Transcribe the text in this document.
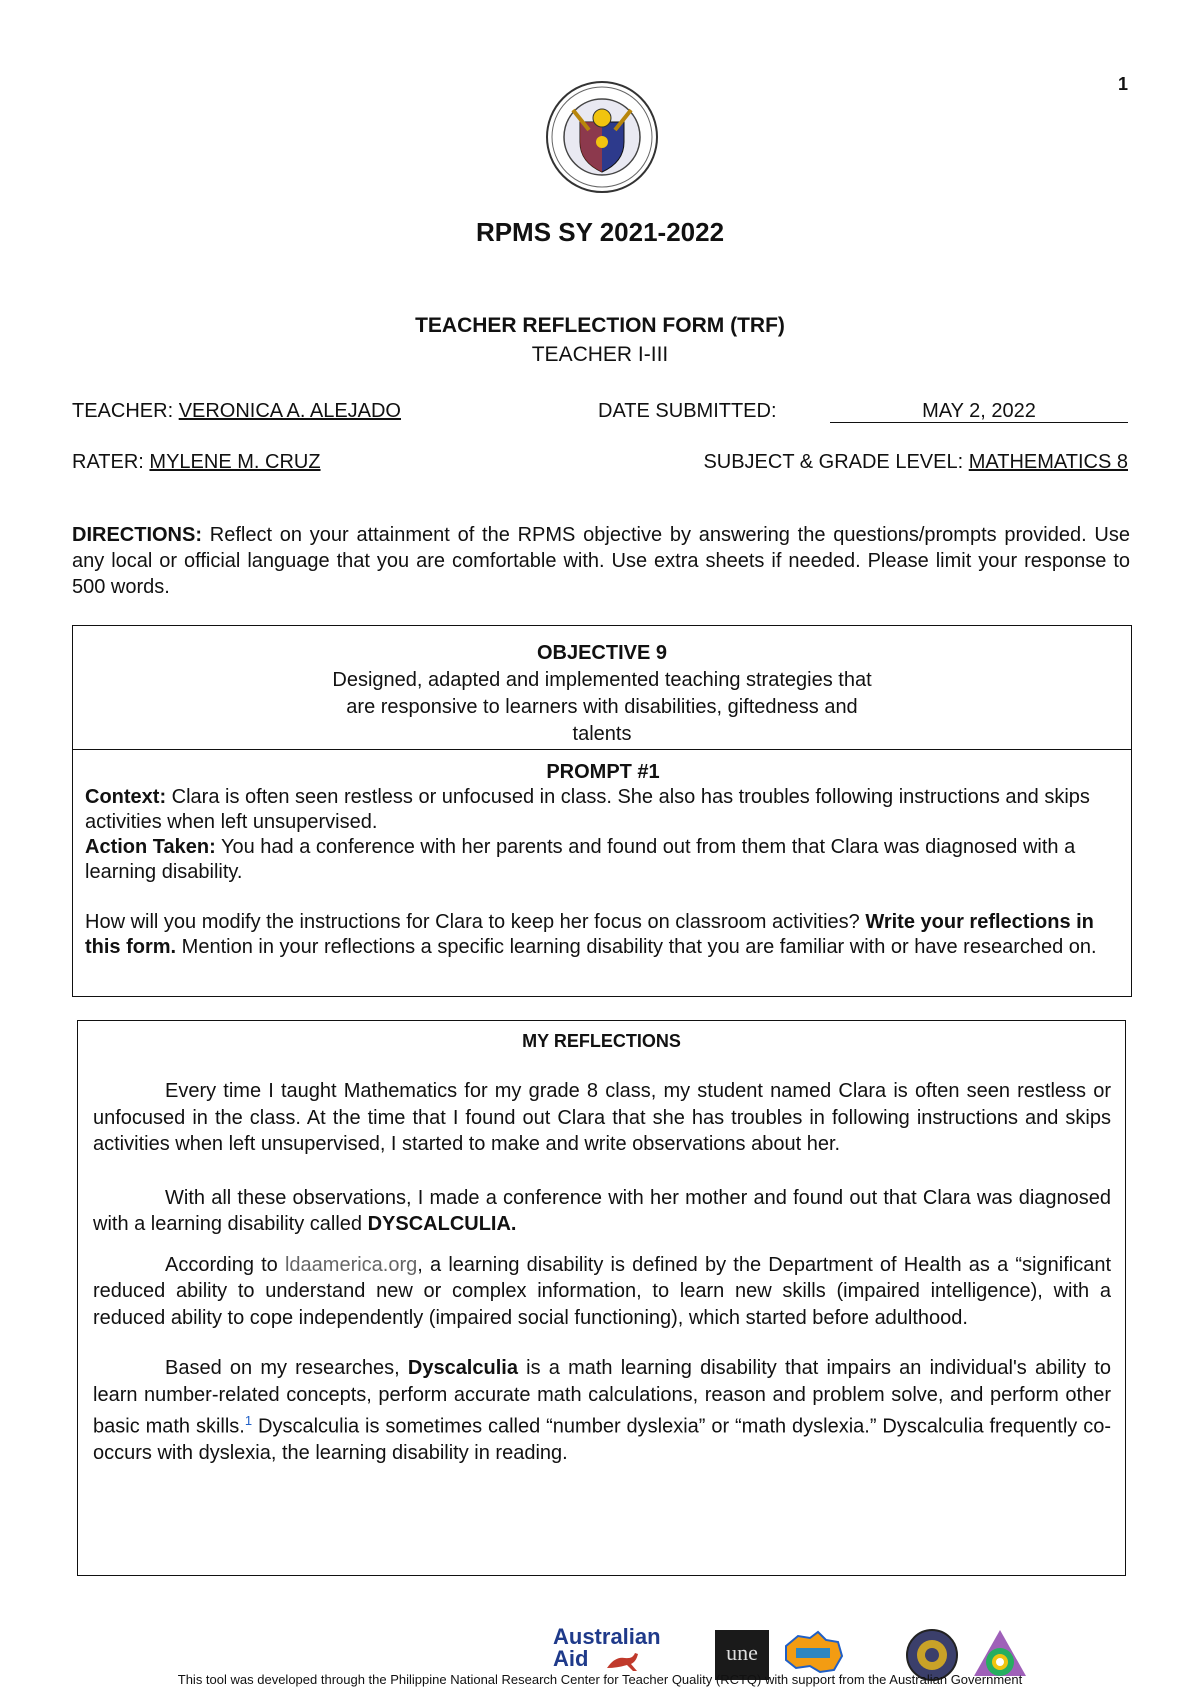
1
RPMS SY 2021-2022
TEACHER REFLECTION FORM (TRF)
TEACHER I-III
TEACHER: VERONICA A. ALEJADO	DATE SUBMITTED:	MAY 2, 2022
RATER: MYLENE M. CRUZ	SUBJECT & GRADE LEVEL: MATHEMATICS 8
DIRECTIONS: Reflect on your attainment of the RPMS objective by answering the questions/prompts provided. Use any local or official language that you are comfortable with. Use extra sheets if needed. Please limit your response to 500 words.
OBJECTIVE 9
Designed, adapted and implemented teaching strategies that
are responsive to learners with disabilities, giftedness and
talents
PROMPT #1
Context: Clara is often seen restless or unfocused in class. She also has troubles following instructions and skips activities when left unsupervised.
Action Taken: You had a conference with her parents and found out from them that Clara was diagnosed with a learning disability.
How will you modify the instructions for Clara to keep her focus on classroom activities? Write your reflections in this form. Mention in your reflections a specific learning disability that you are familiar with or have researched on.
MY REFLECTIONS

Every time I taught Mathematics for my grade 8 class, my student named Clara is often seen restless or unfocused in the class. At the time that I found out Clara that she has troubles in following instructions and skips activities when left unsupervised, I started to make and write observations about her.

With all these observations, I made a conference with her mother and found out that Clara was diagnosed with a learning disability called DYSCALCULIA.

According to ldaamerica.org, a learning disability is defined by the Department of Health as a “significant reduced ability to understand new or complex information, to learn new skills (impaired intelligence), with a reduced ability to cope independently (impaired social functioning), which started before adulthood.

Based on my researches, Dyscalculia is a math learning disability that impairs an individual's ability to learn number-related concepts, perform accurate math calculations, reason and problem solve, and perform other basic math skills.$^1$ Dyscalculia is sometimes called “number dyslexia” or “math dyslexia.” Dyscalculia frequently co-occurs with dyslexia, the learning disability in reading.

Australian
Aid	une
This tool was developed through the Philippine National Research Center for Teacher Quality (RCTQ) with support from the Australian Government
